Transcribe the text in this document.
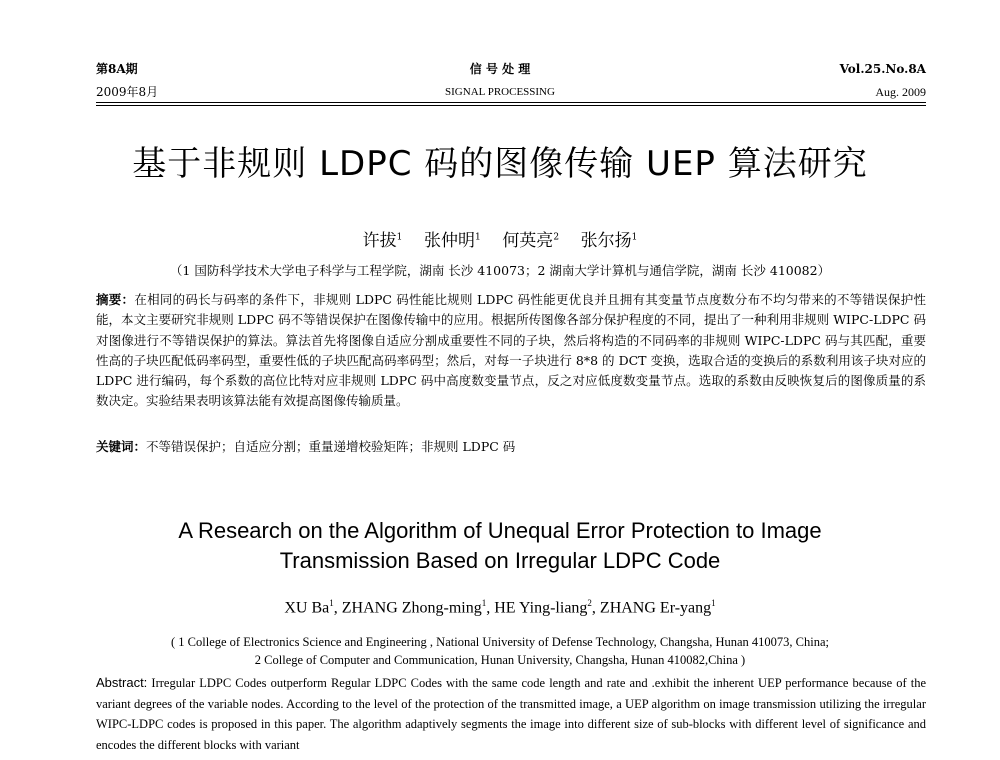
第8A期	信 号 处 理	Vol.25.No.8A
2009年8月	SIGNAL PROCESSING	Aug. 2009
基于非规则 LDPC 码的图像传输 UEP 算法研究
许拔$^1$ 张仲明$^1$ 何英亮$^2$ 张尔扬$^1$
（1 国防科学技术大学电子科学与工程学院，湖南 长沙 410073；2 湖南大学计算机与通信学院，湖南 长沙 410082）
摘要：在相同的码长与码率的条件下，非规则 LDPC 码性能比规则 LDPC 码性能更优良并且拥有其变量节点度数分布不均匀带来的不等错误保护性能，本文主要研究非规则 LDPC 码不等错误保护在图像传输中的应用。根据所传图像各部分保护程度的不同，提出了一种利用非规则 WIPC-LDPC 码对图像进行不等错误保护的算法。算法首先将图像自适应分割成重要性不同的子块，然后将构造的不同码率的非规则 WIPC-LDPC 码与其匹配，重要性高的子块匹配低码率码型，重要性低的子块匹配高码率码型；然后，对每一子块进行 8*8 的 DCT 变换，选取合适的变换后的系数利用该子块对应的 LDPC 进行编码，每个系数的高位比特对应非规则 LDPC 码中高度数变量节点，反之对应低度数变量节点。选取的系数由反映恢复后的图像质量的系数决定。实验结果表明该算法能有效提高图像传输质量。
关键词：不等错误保护；自适应分割；重量递增校验矩阵；非规则 LDPC 码
A Research on the Algorithm of Unequal Error Protection to Image Transmission Based on Irregular LDPC Code
XU Ba$^1$, ZHANG Zhong-ming$^1$, HE Ying-liang$^2$, ZHANG Er-yang$^1$
( 1 College of Electronics Science and Engineering , National University of Defense Technology, Changsha, Hunan 410073, China;
2 College of Computer and Communication, Hunan University, Changsha, Hunan 410082,China )
Abstract: Irregular LDPC Codes outperform Regular LDPC Codes with the same code length and rate and .exhibit the inherent UEP performance because of the variant degrees of the variable nodes. According to the level of the protection of the transmitted image, a UEP algorithm on image transmission utilizing the irregular WIPC-LDPC codes is proposed in this paper. The algorithm adaptively segments the image into different size of sub-blocks with different level of significance and encodes the different blocks with variant
